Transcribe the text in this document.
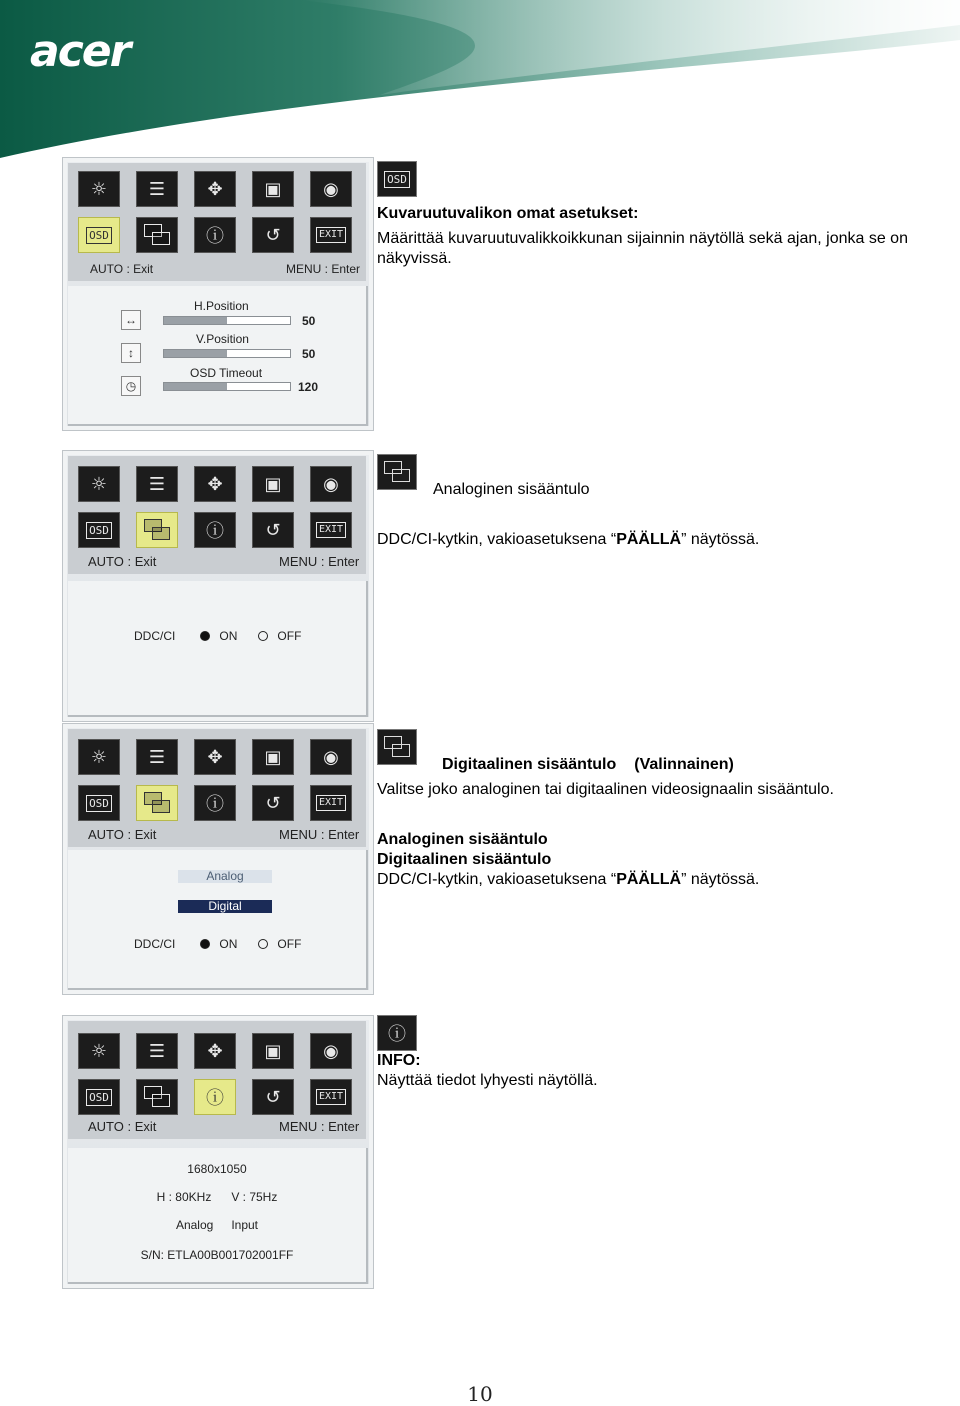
acer
☼	☰	✥	▣	◉
OSD	ⓘ	↺	EXIT
AUTO : Exit	MENU : Enter
↔
↕
◷
H.Position
50
V.Position
50
OSD Timeout
120
OSD
Kuvaruutuvalikon omat asetukset:
Määrittää kuvaruutuvalikkoikkunan sijainnin näytöllä sekä ajan, jonka se on näkyvissä.
☼	☰	✥	▣	◉
OSD	ⓘ	↺	EXIT
AUTO : Exit	MENU : Enter
DDC/CI	ON	OFF
Analoginen sisääntulo
DDC/CI-kytkin, vakioasetuksena “PÄÄLLÄ” näytössä.
☼	☰	✥	▣	◉
OSD	ⓘ	↺	EXIT
AUTO : Exit	MENU : Enter
Analog
Digital
DDC/CI	ON	OFF
Digitaalinen sisääntulo (Valinnainen)
Valitse joko analoginen tai digitaalinen videosignaalin sisääntulo.
Analoginen sisääntulo
Digitaalinen sisääntulo
DDC/CI-kytkin, vakioasetuksena “PÄÄLLÄ” näytössä.
☼	☰	✥	▣	◉
OSD	ⓘ	↺	EXIT
AUTO : Exit	MENU : Enter
1680x1050
H : 80KHz V : 75Hz
Analog Input
S/N: ETLA00B001702001FF
ⓘ
INFO:
Näyttää tiedot lyhyesti näytöllä.
10
